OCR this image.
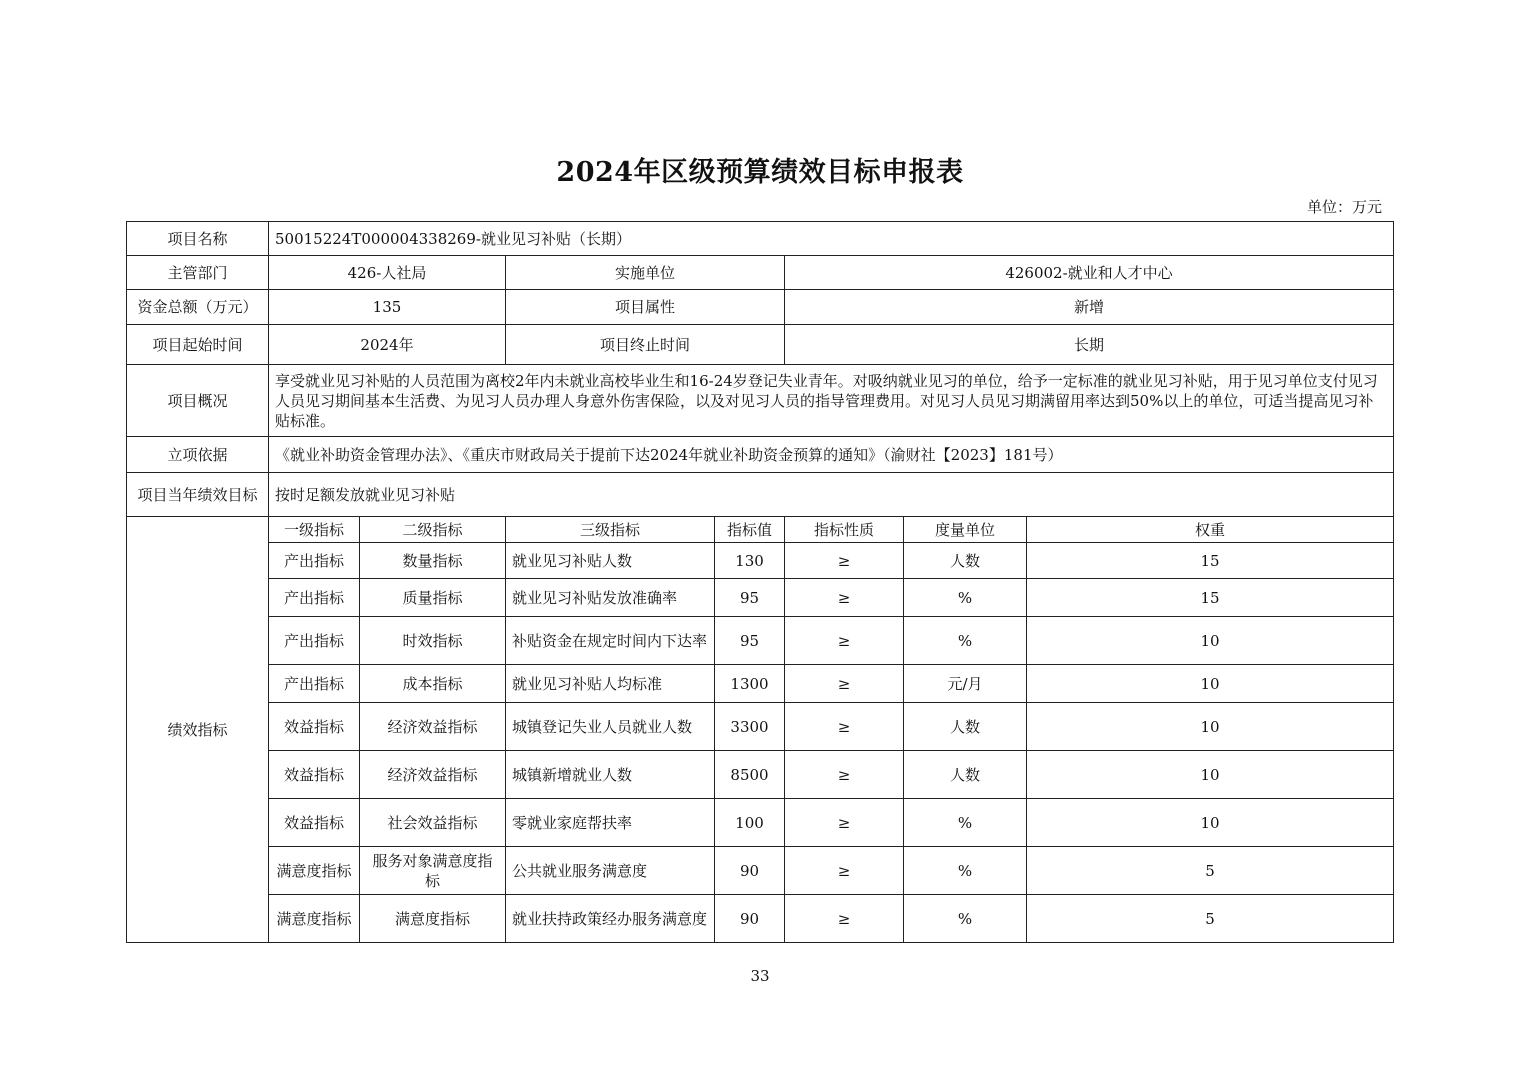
2024年区级预算绩效目标申报表
单位：万元
项目名称	50015224T000004338269-就业见习补贴（长期）						
主管部门	426-人社局		实施单位		426002-就业和人才中心		
资金总额（万元）	135		项目属性		新增		
项目起始时间	2024年		项目终止时间		长期		
项目概况	享受就业见习补贴的人员范围为离校2年内未就业高校毕业生和16-24岁登记失业青年。对吸纳就业见习的单位，给予一定标准的就业见习补贴，用于见习单位支付见习人员见习期间基本生活费、为见习人员办理人身意外伤害保险，以及对见习人员的指导管理费用。对见习人员见习期满留用率达到50%以上的单位，可适当提高见习补贴标准。						
立项依据	《就业补助资金管理办法》、《重庆市财政局关于提前下达2024年就业补助资金预算的通知》（渝财社【2023】181号）						
项目当年绩效目标	按时足额发放就业见习补贴						
绩效指标	一级指标	二级指标	三级指标	指标值	指标性质	度量单位	权重
	产出指标	数量指标	就业见习补贴人数	130	≥	人数	15
	产出指标	质量指标	就业见习补贴发放准确率	95	≥	%	15
	产出指标	时效指标	补贴资金在规定时间内下达率	95	≥	%	10
	产出指标	成本指标	就业见习补贴人均标准	1300	≥	元/月	10
	效益指标	经济效益指标	城镇登记失业人员就业人数	3300	≥	人数	10
	效益指标	经济效益指标	城镇新增就业人数	8500	≥	人数	10
	效益指标	社会效益指标	零就业家庭帮扶率	100	≥	%	10
	满意度指标	服务对象满意度指标	公共就业服务满意度	90	≥	%	5
	满意度指标	满意度指标	就业扶持政策经办服务满意度	90	≥	%	5
33
